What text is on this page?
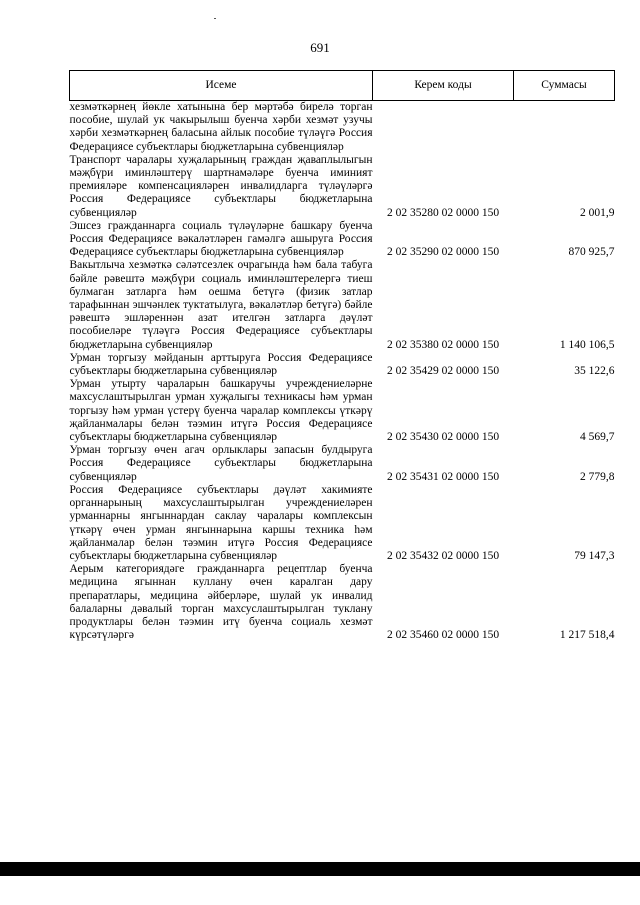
691
Исеме	Керем коды	Суммасы
хезмәткәрнең йөкле хатынына бер мәртәбә бирелә торган пособие, шулай ук чакырылыш буенча хәрби хезмәт узучы хәрби хезмәткәрнең баласына айлык пособие түләүгә Россия Федерациясе субъектлары бюджетларына субвенцияләр		
Транспорт чаралары хуҗаларының граждан җаваплылыгын мәҗбүри иминләштерү шартнамәләре буенча иминият премияләре компенсацияләрен инвалидларга түләүләргә Россия Федерациясе субъектлары бюджетларына субвенцияләр	2 02 35280 02 0000 150	2 001,9
Эшсез гражданнарга социаль түләүләрне башкару буенча Россия Федерациясе вәкаләтләрен гамәлгә ашыруга Россия Федерациясе субъектлары бюджетларына субвенцияләр	2 02 35290 02 0000 150	870 925,7
Вакытлыча хезмәткә сәләтсезлек очрагында һәм бала табуга бәйле рәвештә мәҗбүри социаль иминләштерелергә тиеш булмаган затларга һәм оешма бетүгә (физик затлар тарафыннан эшчәнлек туктатылуга, вәкаләтләр бетүгә) бәйле рәвештә эшләреннән азат ителгән затларга дәүләт пособиеләре түләүгә Россия Федерациясе субъектлары бюджетларына субвенцияләр	2 02 35380 02 0000 150	1 140 106,5
Урман торгызу мәйданын арттыруга Россия Федерациясе субъектлары бюджетларына субвенцияләр	2 02 35429 02 0000 150	35 122,6
Урман утырту чараларын башкаручы учреждениеләрне махсуслаштырылган урман хуҗалыгы техникасы һәм урман торгызу һәм урман үстерү буенча чаралар комплексы үткәрү җайланмалары белән тәэмин итүгә Россия Федерациясе субъектлары бюджетларына субвенцияләр	2 02 35430 02 0000 150	4 569,7
Урман торгызу өчен агач орлыклары запасын булдыруга Россия Федерациясе субъектлары бюджетларына субвенцияләр	2 02 35431 02 0000 150	2 779,8
Россия Федерациясе субъектлары дәүләт хакимияте органнарының махсуслаштырылган учреждениеләрен урманнарны янгыннардан саклау чаралары комплексын үткәрү өчен урман янгыннарына каршы техника һәм җайланмалар белән тәэмин итүгә Россия Федерациясе субъектлары бюджетларына субвенцияләр	2 02 35432 02 0000 150	79 147,3
Аерым категориядәге гражданнарга рецептлар буенча медицина ягыннан куллану өчен каралган дару препаратлары, медицина әйберләре, шулай ук инвалид балаларны дәвалый торган махсуслаштырылган туклану продуктлары белән тәэмин итү буенча социаль хезмәт күрсәтүләргә	2 02 35460 02 0000 150	1 217 518,4
